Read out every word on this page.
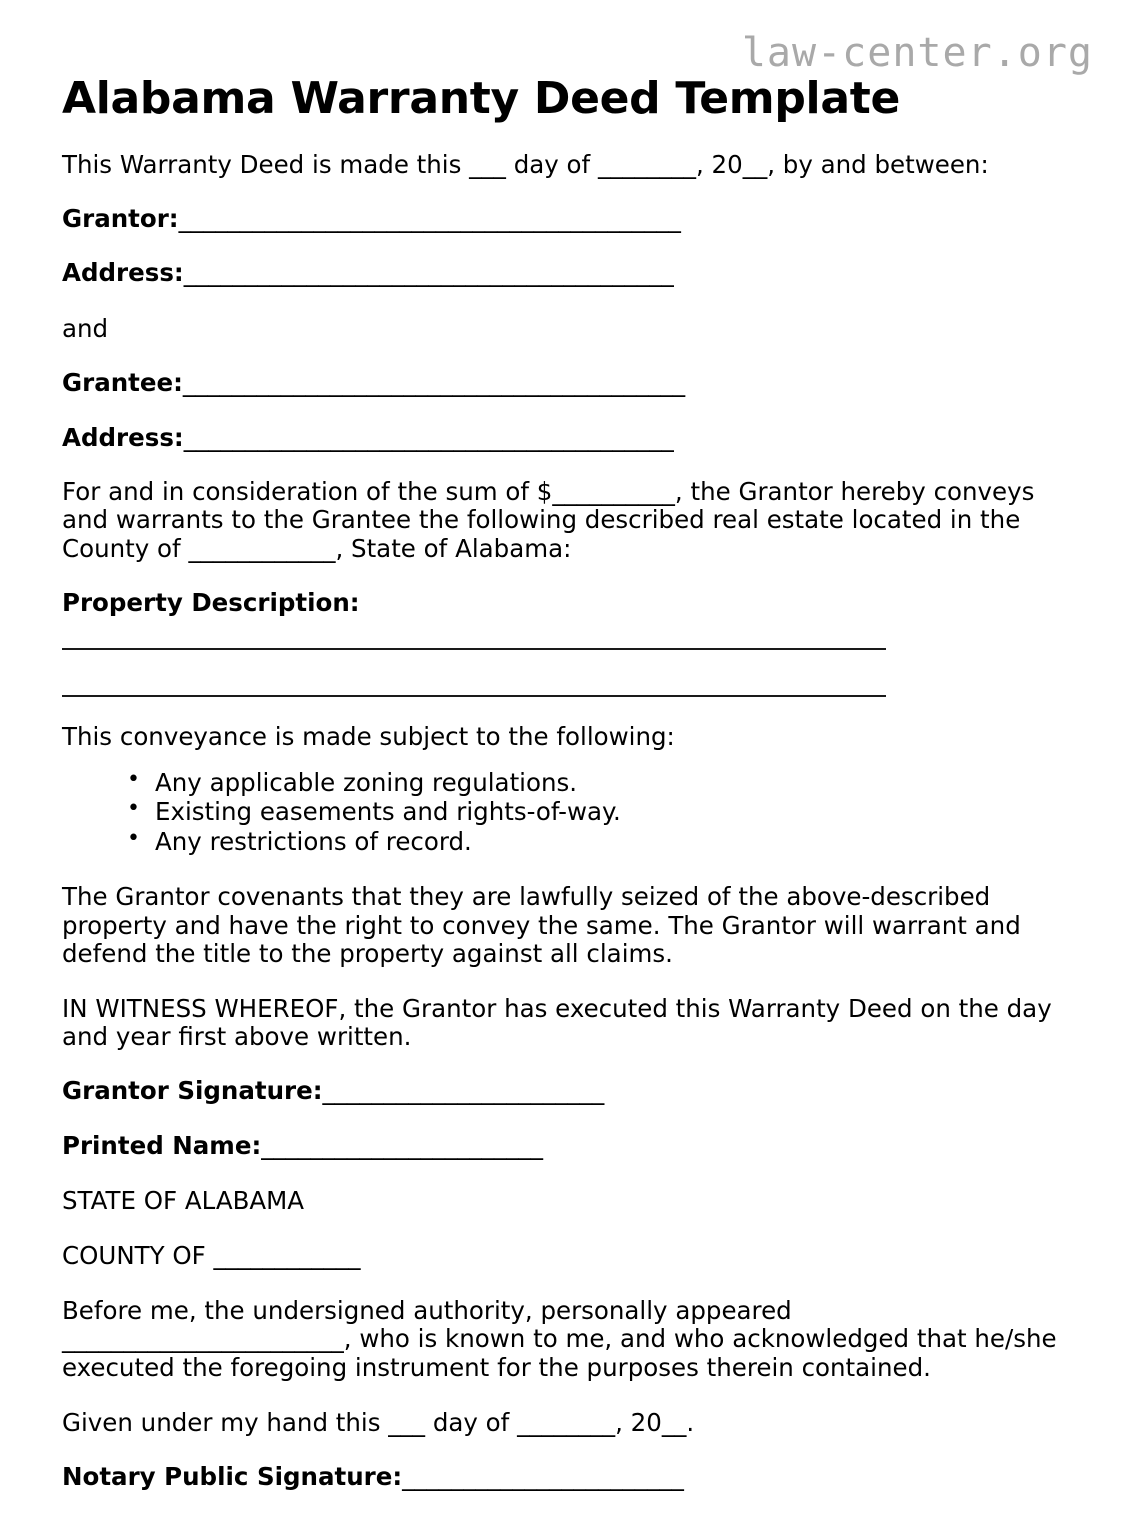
law-center.org
Alabama Warranty Deed Template

This Warranty Deed is made this ___ day of ________, 20__, by and between:

Grantor:_________________________________________

Address:________________________________________

and

Grantee:_________________________________________

Address:________________________________________

For and in consideration of the sum of $__________, the Grantor hereby conveys and warrants to the Grantee the following described real estate located in the County of ____________, State of Alabama:

Property Description:

This conveyance is made subject to the following:

• Any applicable zoning regulations.
• Existing easements and rights-of-way.
• Any restrictions of record.

The Grantor covenants that they are lawfully seized of the above-described property and have the right to convey the same. The Grantor will warrant and defend the title to the property against all claims.

IN WITNESS WHEREOF, the Grantor has executed this Warranty Deed on the day and year first above written.

Grantor Signature:_______________________

Printed Name:_______________________

STATE OF ALABAMA

COUNTY OF ____________

Before me, the undersigned authority, personally appeared _______________________, who is known to me, and who acknowledged that he/she executed the foregoing instrument for the purposes therein contained.

Given under my hand this ___ day of ________, 20__.

Notary Public Signature:_______________________
